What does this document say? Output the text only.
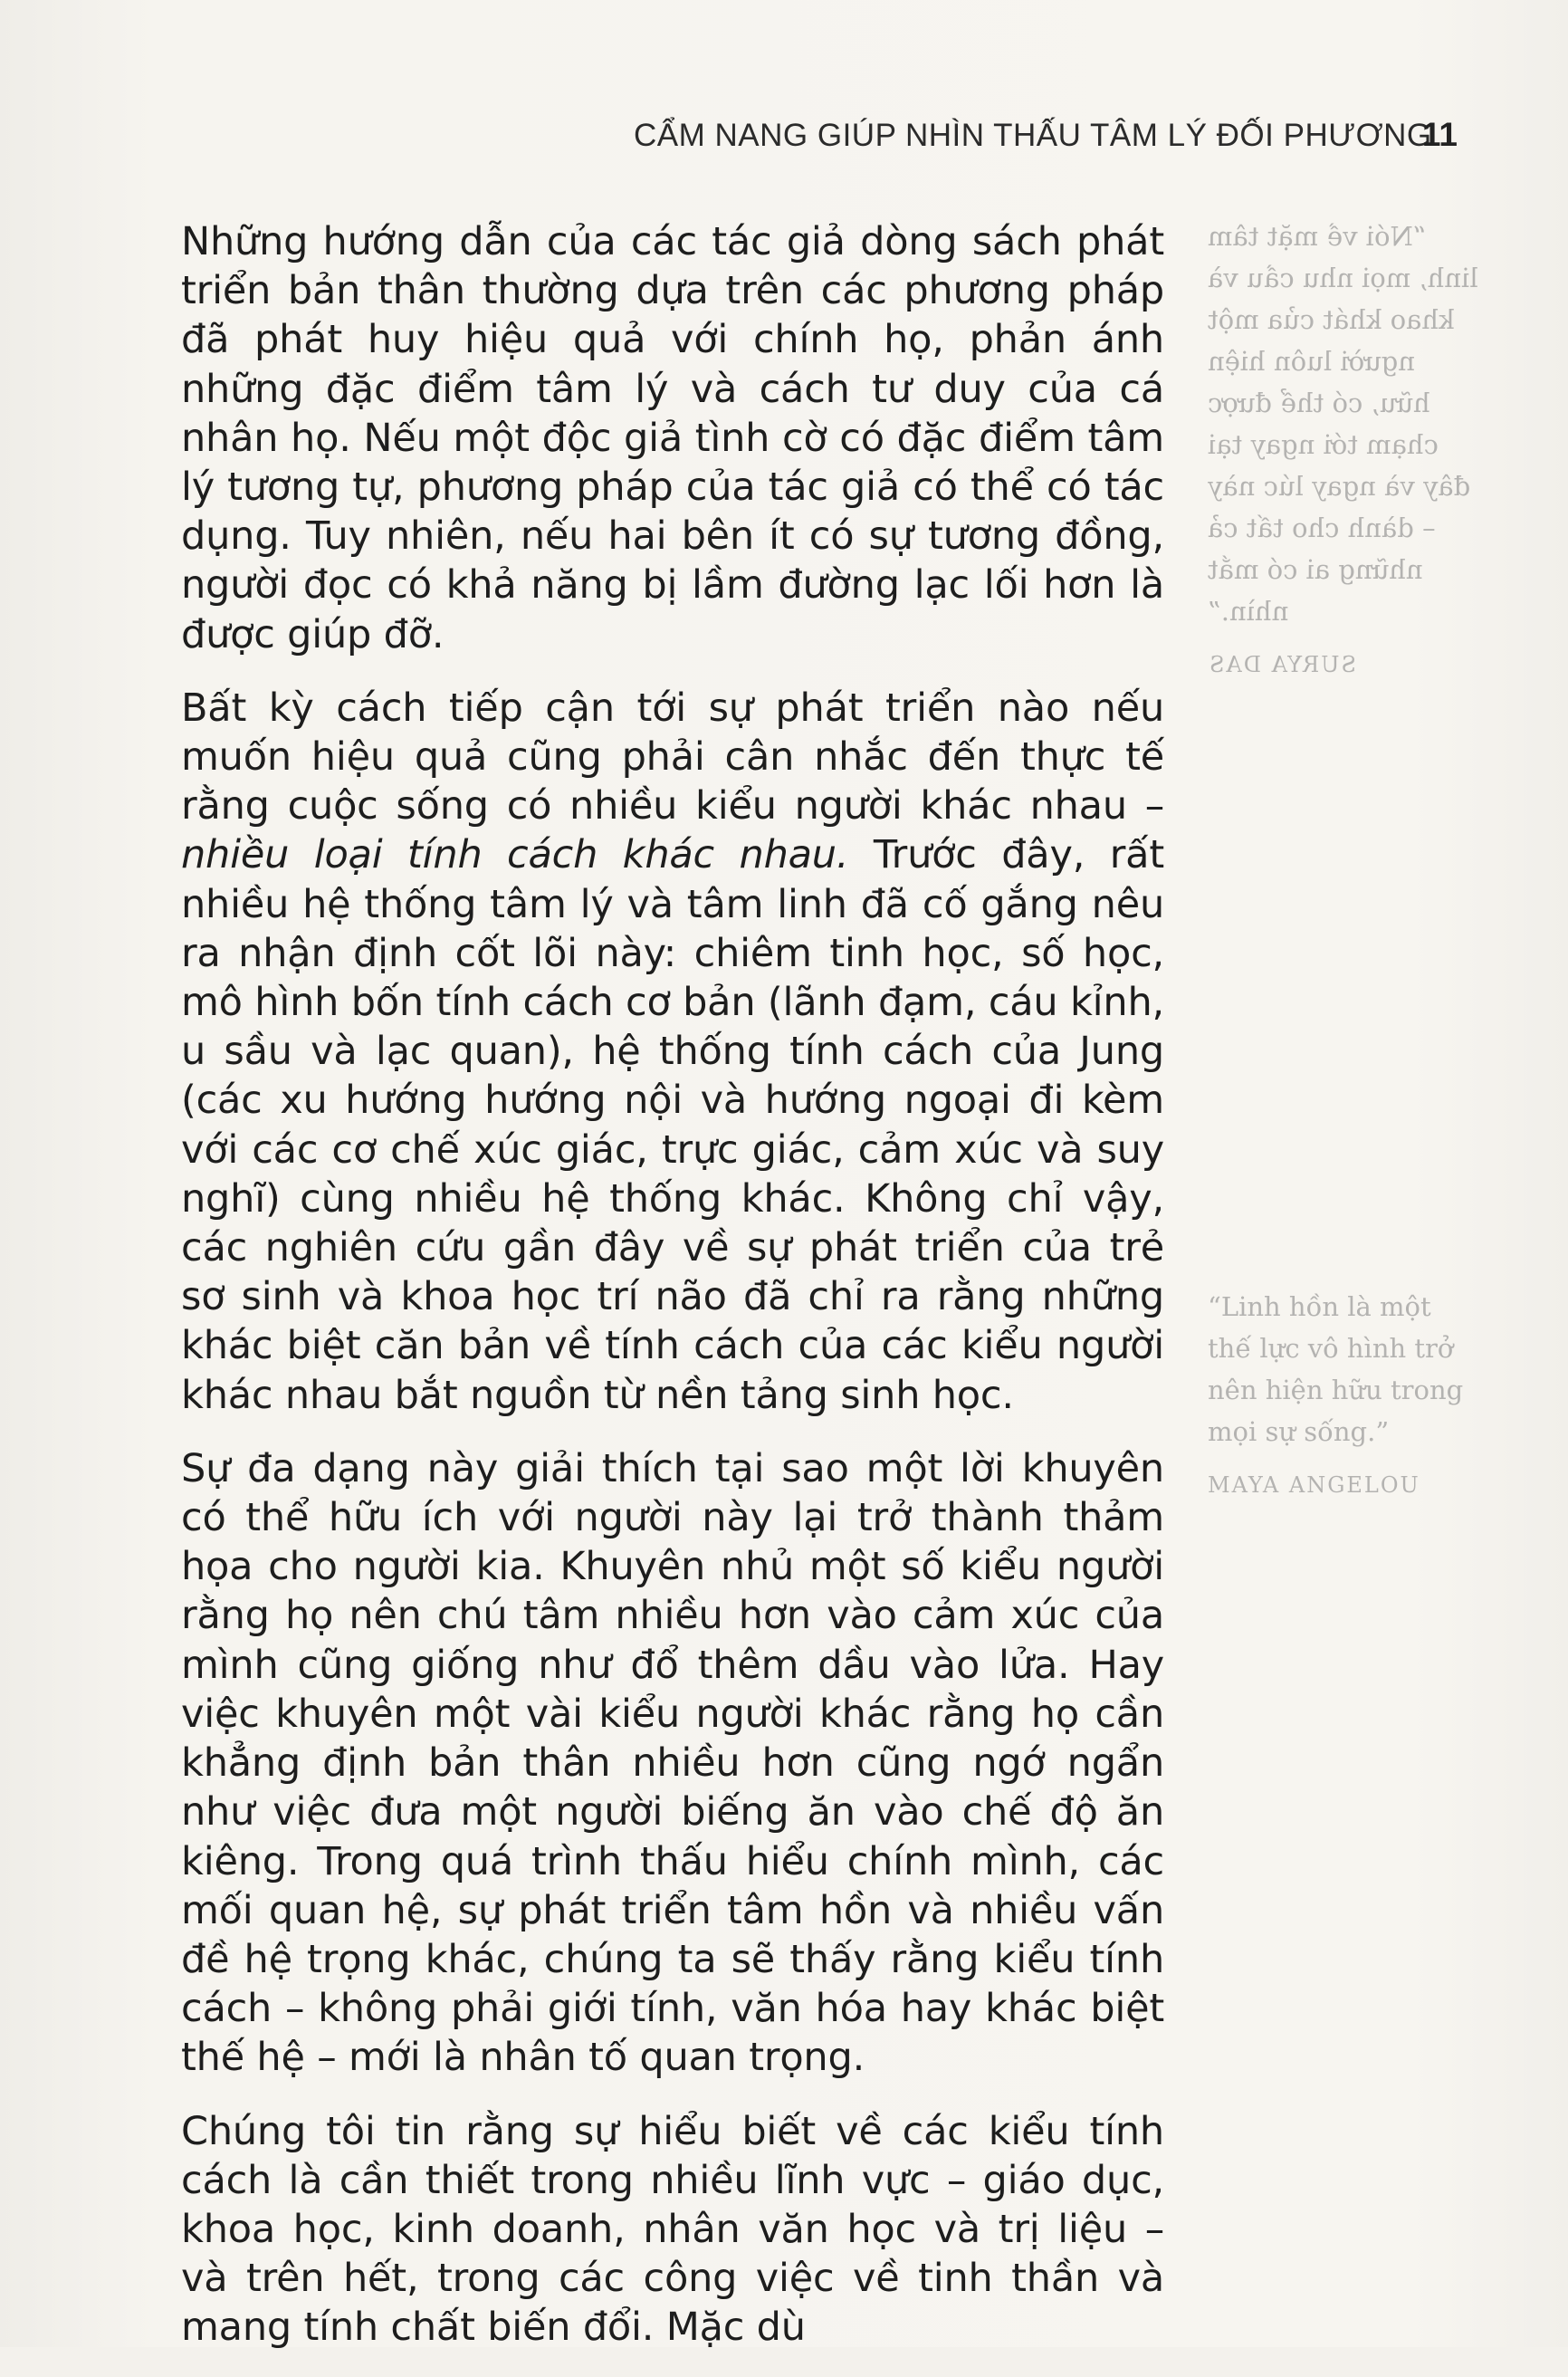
CẨM NANG GIÚP NHÌN THẤU TÂM LÝ ĐỐI PHƯƠNG
11

Những hướng dẫn của các tác giả dòng sách phát triển bản thân thường dựa trên các phương pháp đã phát huy hiệu quả với chính họ, phản ánh những đặc điểm tâm lý và cách tư duy của cá nhân họ. Nếu một độc giả tình cờ có đặc điểm tâm lý tương tự, phương pháp của tác giả có thể có tác dụng. Tuy nhiên, nếu hai bên ít có sự tương đồng, người đọc có khả năng bị lầm đường lạc lối hơn là được giúp đỡ.

Bất kỳ cách tiếp cận tới sự phát triển nào nếu muốn hiệu quả cũng phải cân nhắc đến thực tế rằng cuộc sống có nhiều kiểu người khác nhau – nhiều loại tính cách khác nhau. Trước đây, rất nhiều hệ thống tâm lý và tâm linh đã cố gắng nêu ra nhận định cốt lõi này: chiêm tinh học, số học, mô hình bốn tính cách cơ bản (lãnh đạm, cáu kỉnh, u sầu và lạc quan), hệ thống tính cách của Jung (các xu hướng hướng nội và hướng ngoại đi kèm với các cơ chế xúc giác, trực giác, cảm xúc và suy nghĩ) cùng nhiều hệ thống khác. Không chỉ vậy, các nghiên cứu gần đây về sự phát triển của trẻ sơ sinh và khoa học trí não đã chỉ ra rằng những khác biệt căn bản về tính cách của các kiểu người khác nhau bắt nguồn từ nền tảng sinh học.

Sự đa dạng này giải thích tại sao một lời khuyên có thể hữu ích với người này lại trở thành thảm họa cho người kia. Khuyên nhủ một số kiểu người rằng họ nên chú tâm nhiều hơn vào cảm xúc của mình cũng giống như đổ thêm dầu vào lửa. Hay việc khuyên một vài kiểu người khác rằng họ cần khẳng định bản thân nhiều hơn cũng ngớ ngẩn như việc đưa một người biếng ăn vào chế độ ăn kiêng. Trong quá trình thấu hiểu chính mình, các mối quan hệ, sự phát triển tâm hồn và nhiều vấn đề hệ trọng khác, chúng ta sẽ thấy rằng kiểu tính cách – không phải giới tính, văn hóa hay khác biệt thế hệ – mới là nhân tố quan trọng.

Chúng tôi tin rằng sự hiểu biết về các kiểu tính cách là cần thiết trong nhiều lĩnh vực – giáo dục, khoa học, kinh doanh, nhân văn học và trị liệu – và trên hết, trong các công việc về tinh thần và mang tính chất biến đổi. Mặc dù

“Nói về mặt tâm linh, mọi nhu cầu và khao khát của một người luôn hiện hữu, có thể được chạm tới ngay tại đây và ngay lúc này – dành cho tất cả những ai có mắt nhìn.”

SURYA DAS

“Linh hồn là một thế lực vô hình trở nên hiện hữu trong mọi sự sống.”

MAYA ANGELOU
